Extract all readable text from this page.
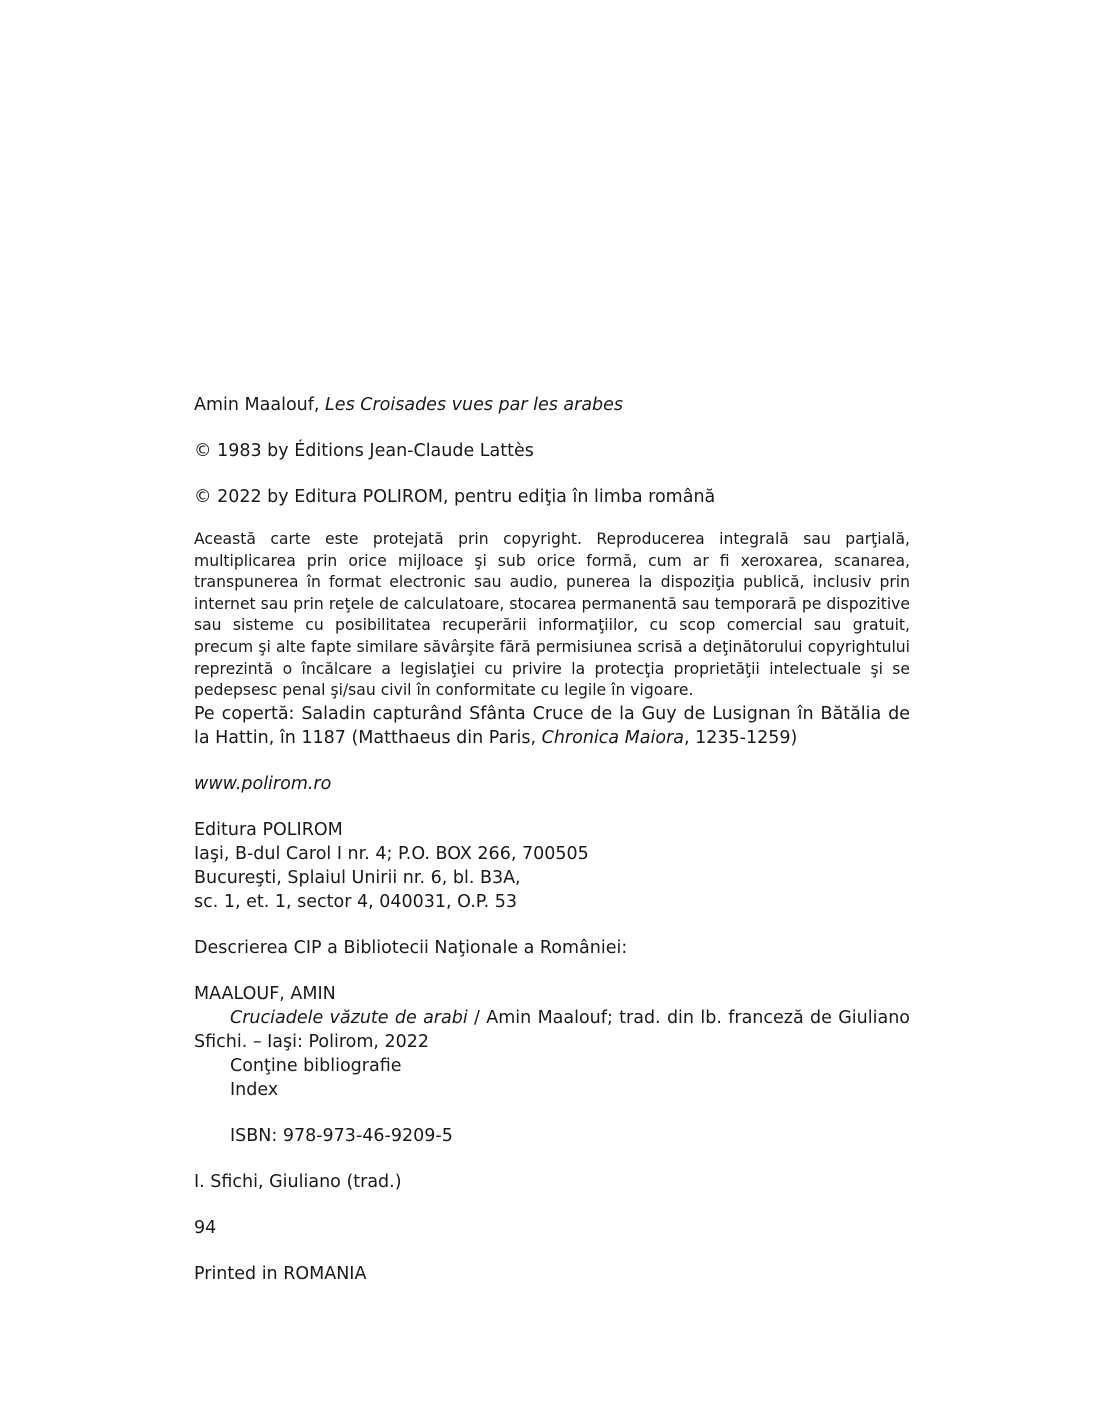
Amin Maalouf, Les Croisades vues par les arabes
© 1983 by Éditions Jean-Claude Lattès
© 2022 by Editura POLIROM, pentru ediţia în limba română

Această carte este protejată prin copyright. Reproducerea integrală sau parţială, multiplicarea prin orice mijloace şi sub orice formă, cum ar fi xeroxarea, scanarea, transpunerea în format electronic sau audio, punerea la dispoziţia publică, inclusiv prin internet sau prin reţele de calculatoare, stocarea permanentă sau temporară pe dispozitive sau sisteme cu posibilitatea recuperării informaţiilor, cu scop comercial sau gratuit, precum şi alte fapte similare săvârşite fără permisiunea scrisă a deţinătorului copyrightului reprezintă o încălcare a legislaţiei cu privire la protecţia proprietăţii intelectuale şi se pedepsesc penal şi/sau civil în conformitate cu legile în vigoare.

Pe copertă: Saladin capturând Sfânta Cruce de la Guy de Lusignan în Bătălia de la Hattin, în 1187 (Matthaeus din Paris, Chronica Maiora, 1235-1259)

www.polirom.ro
Editura POLIROM
Iaşi, B-dul Carol I nr. 4; P.O. BOX 266, 700505
Bucureşti, Splaiul Unirii nr. 6, bl. B3A,
sc. 1, et. 1, sector 4, 040031, O.P. 53
Descrierea CIP a Bibliotecii Naţionale a României:
MAALOUF, AMIN

Cruciadele văzute de arabi / Amin Maalouf; trad. din lb. franceză de Giuliano Sfichi. – Iaşi: Polirom, 2022

Conţine bibliografie
Index
ISBN: 978-973-46-9209-5
I. Sfichi, Giuliano (trad.)
94
Printed in ROMANIA
